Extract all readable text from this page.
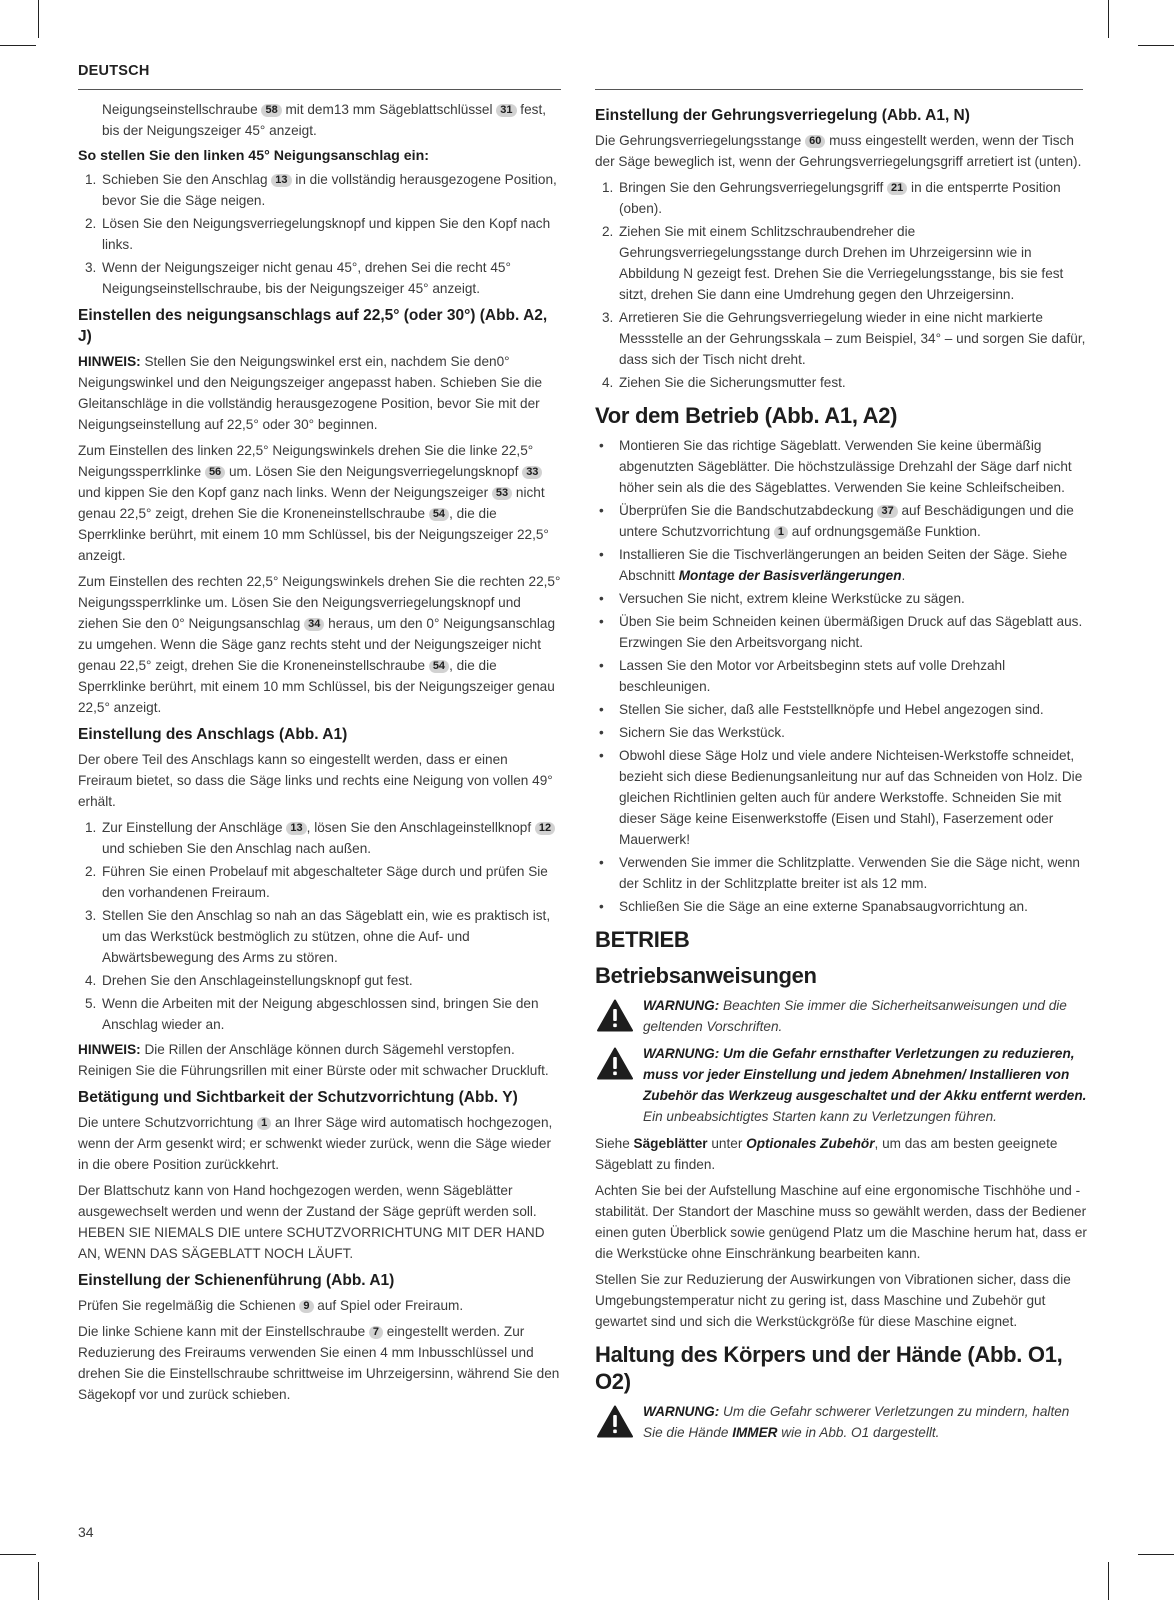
DEUTSCH

Neigungseinstellschraube 58 mit dem13 mm Sägeblattschlüssel 31 fest, bis der Neigungszeiger 45° anzeigt.

So stellen Sie den linken 45° Neigungsanschlag ein:
1. Schieben Sie den Anschlag 13 in die vollständig herausgezogene Position, bevor Sie die Säge neigen.
2. Lösen Sie den Neigungsverriegelungsknopf und kippen Sie den Kopf nach links.
3. Wenn der Neigungszeiger nicht genau 45°, drehen Sei die recht 45° Neigungseinstellschraube, bis der Neigungszeiger 45° anzeigt.
Einstellen des neigungsanschlags auf 22,5° (oder 30°) (Abb. A2, J)

HINWEIS: Stellen Sie den Neigungswinkel erst ein, nachdem Sie den0° Neigungswinkel und den Neigungszeiger angepasst haben. Schieben Sie die Gleitanschläge in die vollständig herausgezogene Position, bevor Sie mit der Neigungseinstellung auf 22,5° oder 30° beginnen.

Zum Einstellen des linken 22,5° Neigungswinkels drehen Sie die linke 22,5° Neigungssperrklinke 56 um. Lösen Sie den Neigungsverriegelungsknopf 33 und kippen Sie den Kopf ganz nach links. Wenn der Neigungszeiger 53 nicht genau 22,5° zeigt, drehen Sie die Kroneneinstellschraube 54 , die die Sperrklinke berührt, mit einem 10 mm Schlüssel, bis der Neigungszeiger 22,5° anzeigt.

Zum Einstellen des rechten 22,5° Neigungswinkels drehen Sie die rechten 22,5° Neigungssperrklinke um. Lösen Sie den Neigungsverriegelungsknopf und ziehen Sie den 0° Neigungsanschlag 34 heraus, um den 0° Neigungsanschlag zu umgehen. Wenn die Säge ganz rechts steht und der Neigungszeiger nicht genau 22,5° zeigt, drehen Sie die Kroneneinstellschraube 54 , die die Sperrklinke berührt, mit einem 10 mm Schlüssel, bis der Neigungszeiger genau 22,5° anzeigt.

Einstellung des Anschlags (Abb. A1)

Der obere Teil des Anschlags kann so eingestellt werden, dass er einen Freiraum bietet, so dass die Säge links und rechts eine Neigung von vollen 49° erhält.

1. Zur Einstellung der Anschläge 13 , lösen Sie den Anschlageinstellknopf 12 und schieben Sie den Anschlag nach außen.
2. Führen Sie einen Probelauf mit abgeschalteter Säge durch und prüfen Sie den vorhandenen Freiraum.
3. Stellen Sie den Anschlag so nah an das Sägeblatt ein, wie es praktisch ist, um das Werkstück bestmöglich zu stützen, ohne die Auf- und Abwärtsbewegung des Arms zu stören.
4. Drehen Sie den Anschlageinstellungsknopf gut fest.
5. Wenn die Arbeiten mit der Neigung abgeschlossen sind, bringen Sie den Anschlag wieder an.

HINWEIS: Die Rillen der Anschläge können durch Sägemehl verstopfen. Reinigen Sie die Führungsrillen mit einer Bürste oder mit schwacher Druckluft.

Betätigung und Sichtbarkeit der Schutzvorrichtung (Abb. Y)

Die untere Schutzvorrichtung 1 an Ihrer Säge wird automatisch hochgezogen, wenn der Arm gesenkt wird; er schwenkt wieder zurück, wenn die Säge wieder in die obere Position zurückkehrt.

Der Blattschutz kann von Hand hochgezogen werden, wenn Sägeblätter ausgewechselt werden und wenn der Zustand der Säge geprüft werden soll. HEBEN SIE NIEMALS DIE untere SCHUTZVORRICHTUNG MIT DER HAND AN, WENN DAS SÄGEBLATT NOCH LÄUFT.

Einstellung der Schienenführung (Abb. A1)

Prüfen Sie regelmäßig die Schienen 9 auf Spiel oder Freiraum.

Die linke Schiene kann mit der Einstellschraube 7 eingestellt werden. Zur Reduzierung des Freiraums verwenden Sie einen 4 mm Inbusschlüssel und drehen Sie die Einstellschraube schrittweise im Uhrzeigersinn, während Sie den Sägekopf vor und zurück schieben.

Einstellung der Gehrungsverriegelung (Abb. A1, N)

Die Gehrungsverriegelungsstange 60 muss eingestellt werden, wenn der Tisch der Säge beweglich ist, wenn der Gehrungsverriegelungsgriff arretiert ist (unten).

1. Bringen Sie den Gehrungsverriegelungsgriff 21 in die entsperrte Position (oben).
2. Ziehen Sie mit einem Schlitzschraubendreher die Gehrungsverriegelungsstange durch Drehen im Uhrzeigersinn wie in Abbildung N gezeigt fest. Drehen Sie die Verriegelungsstange, bis sie fest sitzt, drehen Sie dann eine Umdrehung gegen den Uhrzeigersinn.
3. Arretieren Sie die Gehrungsverriegelung wieder in eine nicht markierte Messstelle an der Gehrungsskala – zum Beispiel, 34° – und sorgen Sie dafür, dass sich der Tisch nicht dreht.
4. Ziehen Sie die Sicherungsmutter fest.
Vor dem Betrieb (Abb. A1, A2)
• Montieren Sie das richtige Sägeblatt. Verwenden Sie keine übermäßig abgenutzten Sägeblätter. Die höchstzulässige Drehzahl der Säge darf nicht höher sein als die des Sägeblattes. Verwenden Sie keine Schleifscheiben.
• Überprüfen Sie die Bandschutzabdeckung 37 auf Beschädigungen und die untere Schutzvorrichtung 1 auf ordnungsgemäße Funktion.
• Installieren Sie die Tischverlängerungen an beiden Seiten der Säge. Siehe Abschnitt Montage der Basisverlängerungen.
• Versuchen Sie nicht, extrem kleine Werkstücke zu sägen.
• Üben Sie beim Schneiden keinen übermäßigen Druck auf das Sägeblatt aus. Erzwingen Sie den Arbeitsvorgang nicht.
• Lassen Sie den Motor vor Arbeitsbeginn stets auf volle Drehzahl beschleunigen.
• Stellen Sie sicher, daß alle Feststellknöpfe und Hebel angezogen sind.
• Sichern Sie das Werkstück.
• Obwohl diese Säge Holz und viele andere Nichteisen-Werkstoffe schneidet, bezieht sich diese Bedienungsanleitung nur auf das Schneiden von Holz. Die gleichen Richtlinien gelten auch für andere Werkstoffe. Schneiden Sie mit dieser Säge keine Eisenwerkstoffe (Eisen und Stahl), Faserzement oder Mauerwerk!
• Verwenden Sie immer die Schlitzplatte. Verwenden Sie die Säge nicht, wenn der Schlitz in der Schlitzplatte breiter ist als 12 mm.
• Schließen Sie die Säge an eine externe Spanabsaugvorrichtung an.
BETRIEB
Betriebsanweisungen
WARNUNG: Beachten Sie immer die Sicherheitsanweisungen und die geltenden Vorschriften.
WARNUNG: Um die Gefahr ernsthafter Verletzungen zu reduzieren, muss vor jeder Einstellung und jedem Abnehmen/ Installieren von Zubehör das Werkzeug ausgeschaltet und der Akku entfernt werden. Ein unbeabsichtigtes Starten kann zu Verletzungen führen.

Siehe Sägeblätter unter Optionales Zubehör, um das am besten geeignete Sägeblatt zu finden.

Achten Sie bei der Aufstellung Maschine auf eine ergonomische Tischhöhe und -stabilität. Der Standort der Maschine muss so gewählt werden, dass der Bediener einen guten Überblick sowie genügend Platz um die Maschine herum hat, dass er die Werkstücke ohne Einschränkung bearbeiten kann.

Stellen Sie zur Reduzierung der Auswirkungen von Vibrationen sicher, dass die Umgebungstemperatur nicht zu gering ist, dass Maschine und Zubehör gut gewartet sind und sich die Werkstückgröße für diese Maschine eignet.

Haltung des Körpers und der Hände (Abb. O1, O2)
WARNUNG: Um die Gefahr schwerer Verletzungen zu mindern, halten Sie die Hände IMMER wie in Abb. O1 dargestellt.
34
